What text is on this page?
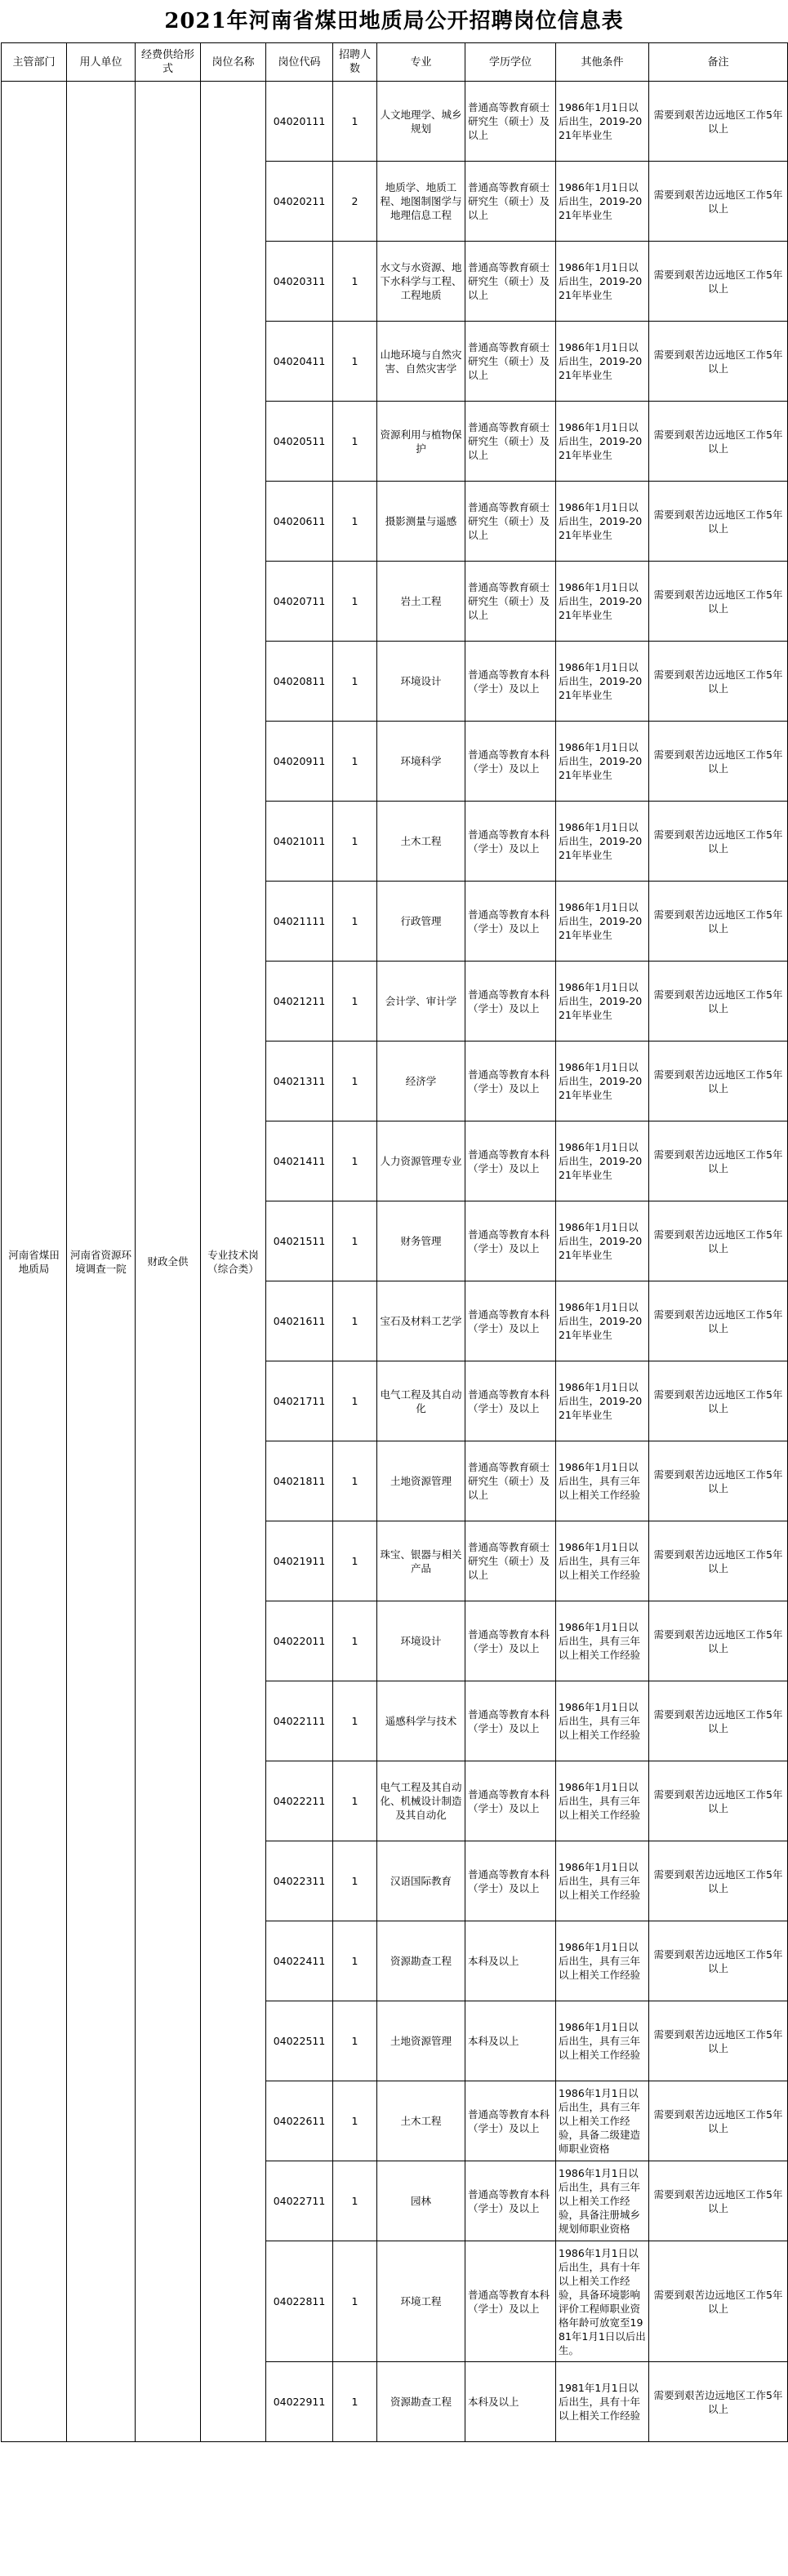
2021年河南省煤田地质局公开招聘岗位信息表
主管部门	用人单位	经费供给形式	岗位名称	岗位代码	招聘人数	专业	学历学位	其他条件	备注
河南省煤田地质局	河南省资源环境调查一院	财政全供	专业技术岗（综合类）	04020111	1	人文地理学、城乡规划	普通高等教育硕士研究生（硕士）及以上	1986年1月1日以后出生，2019-2021年毕业生	需要到艰苦边远地区工作5年以上
				04020211	2	地质学、地质工程、地图制图学与地理信息工程	普通高等教育硕士研究生（硕士）及以上	1986年1月1日以后出生，2019-2021年毕业生	需要到艰苦边远地区工作5年以上
				04020311	1	水文与水资源、地下水科学与工程、工程地质	普通高等教育硕士研究生（硕士）及以上	1986年1月1日以后出生，2019-2021年毕业生	需要到艰苦边远地区工作5年以上
				04020411	1	山地环境与自然灾害、自然灾害学	普通高等教育硕士研究生（硕士）及以上	1986年1月1日以后出生，2019-2021年毕业生	需要到艰苦边远地区工作5年以上
				04020511	1	资源利用与植物保护	普通高等教育硕士研究生（硕士）及以上	1986年1月1日以后出生，2019-2021年毕业生	需要到艰苦边远地区工作5年以上
				04020611	1	摄影测量与遥感	普通高等教育硕士研究生（硕士）及以上	1986年1月1日以后出生，2019-2021年毕业生	需要到艰苦边远地区工作5年以上
				04020711	1	岩土工程	普通高等教育硕士研究生（硕士）及以上	1986年1月1日以后出生，2019-2021年毕业生	需要到艰苦边远地区工作5年以上
				04020811	1	环境设计	普通高等教育本科（学士）及以上	1986年1月1日以后出生，2019-2021年毕业生	需要到艰苦边远地区工作5年以上
				04020911	1	环境科学	普通高等教育本科（学士）及以上	1986年1月1日以后出生，2019-2021年毕业生	需要到艰苦边远地区工作5年以上
				04021011	1	土木工程	普通高等教育本科（学士）及以上	1986年1月1日以后出生，2019-2021年毕业生	需要到艰苦边远地区工作5年以上
				04021111	1	行政管理	普通高等教育本科（学士）及以上	1986年1月1日以后出生，2019-2021年毕业生	需要到艰苦边远地区工作5年以上
				04021211	1	会计学、审计学	普通高等教育本科（学士）及以上	1986年1月1日以后出生，2019-2021年毕业生	需要到艰苦边远地区工作5年以上
				04021311	1	经济学	普通高等教育本科（学士）及以上	1986年1月1日以后出生，2019-2021年毕业生	需要到艰苦边远地区工作5年以上
				04021411	1	人力资源管理专业	普通高等教育本科（学士）及以上	1986年1月1日以后出生，2019-2021年毕业生	需要到艰苦边远地区工作5年以上
				04021511	1	财务管理	普通高等教育本科（学士）及以上	1986年1月1日以后出生，2019-2021年毕业生	需要到艰苦边远地区工作5年以上
				04021611	1	宝石及材料工艺学	普通高等教育本科（学士）及以上	1986年1月1日以后出生，2019-2021年毕业生	需要到艰苦边远地区工作5年以上
				04021711	1	电气工程及其自动化	普通高等教育本科（学士）及以上	1986年1月1日以后出生，2019-2021年毕业生	需要到艰苦边远地区工作5年以上
				04021811	1	土地资源管理	普通高等教育硕士研究生（硕士）及以上	1986年1月1日以后出生，具有三年以上相关工作经验	需要到艰苦边远地区工作5年以上
				04021911	1	珠宝、银器与相关产品	普通高等教育硕士研究生（硕士）及以上	1986年1月1日以后出生，具有三年以上相关工作经验	需要到艰苦边远地区工作5年以上
				04022011	1	环境设计	普通高等教育本科（学士）及以上	1986年1月1日以后出生，具有三年以上相关工作经验	需要到艰苦边远地区工作5年以上
				04022111	1	遥感科学与技术	普通高等教育本科（学士）及以上	1986年1月1日以后出生，具有三年以上相关工作经验	需要到艰苦边远地区工作5年以上
				04022211	1	电气工程及其自动化、机械设计制造及其自动化	普通高等教育本科（学士）及以上	1986年1月1日以后出生，具有三年以上相关工作经验	需要到艰苦边远地区工作5年以上
				04022311	1	汉语国际教育	普通高等教育本科（学士）及以上	1986年1月1日以后出生，具有三年以上相关工作经验	需要到艰苦边远地区工作5年以上
				04022411	1	资源勘查工程	本科及以上	1986年1月1日以后出生，具有三年以上相关工作经验	需要到艰苦边远地区工作5年以上
				04022511	1	土地资源管理	本科及以上	1986年1月1日以后出生，具有三年以上相关工作经验	需要到艰苦边远地区工作5年以上
				04022611	1	土木工程	普通高等教育本科（学士）及以上	1986年1月1日以后出生，具有三年以上相关工作经验，具备二级建造师职业资格	需要到艰苦边远地区工作5年以上
				04022711	1	园林	普通高等教育本科（学士）及以上	1986年1月1日以后出生，具有三年以上相关工作经验，具备注册城乡规划师职业资格	需要到艰苦边远地区工作5年以上
				04022811	1	环境工程	普通高等教育本科（学士）及以上	1986年1月1日以后出生，具有十年以上相关工作经验，具备环境影响评价工程师职业资格年龄可放宽至1981年1月1日以后出生。	需要到艰苦边远地区工作5年以上
				04022911	1	资源勘查工程	本科及以上	1981年1月1日以后出生，具有十年以上相关工作经验	需要到艰苦边远地区工作5年以上
